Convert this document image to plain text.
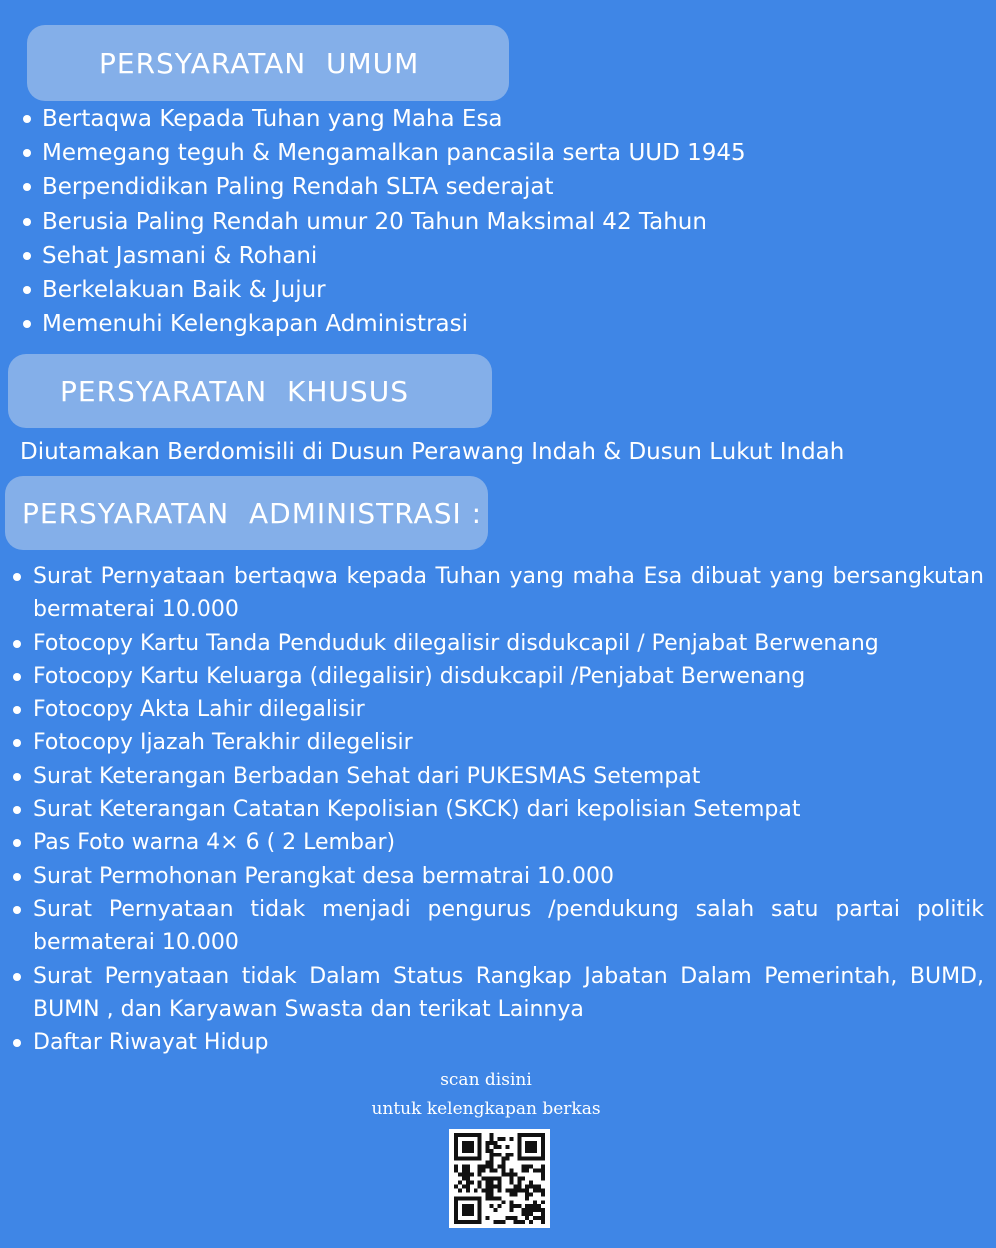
PERSYARATAN  UMUM
Bertaqwa Kepada Tuhan yang Maha Esa
Memegang teguh & Mengamalkan pancasila serta UUD 1945
Berpendidikan Paling Rendah SLTA sederajat
Berusia Paling Rendah umur 20 Tahun Maksimal 42 Tahun
Sehat Jasmani & Rohani
Berkelakuan Baik & Jujur
Memenuhi Kelengkapan Administrasi
PERSYARATAN  KHUSUS
Diutamakan Berdomisili di Dusun Perawang Indah & Dusun Lukut Indah
PERSYARATAN  ADMINISTRASI :
Surat Pernyataan bertaqwa kepada Tuhan yang maha Esa dibuat yang bersangkutan bermaterai 10.000
Fotocopy Kartu Tanda Penduduk dilegalisir disdukcapil / Penjabat Berwenang
Fotocopy Kartu Keluarga (dilegalisir) disdukcapil /Penjabat Berwenang
Fotocopy Akta Lahir dilegalisir
Fotocopy Ijazah Terakhir dilegelisir
Surat Keterangan Berbadan Sehat dari PUKESMAS Setempat
Surat Keterangan Catatan Kepolisian (SKCK) dari kepolisian Setempat
Pas Foto warna 4× 6 ( 2 Lembar)
Surat Permohonan Perangkat desa bermatrai 10.000
Surat Pernyataan tidak menjadi pengurus /pendukung salah satu partai politik bermaterai 10.000
Surat Pernyataan tidak Dalam Status Rangkap Jabatan Dalam Pemerintah, BUMD, BUMN , dan Karyawan Swasta dan terikat Lainnya
Daftar Riwayat Hidup
scan disini
untuk kelengkapan berkas
